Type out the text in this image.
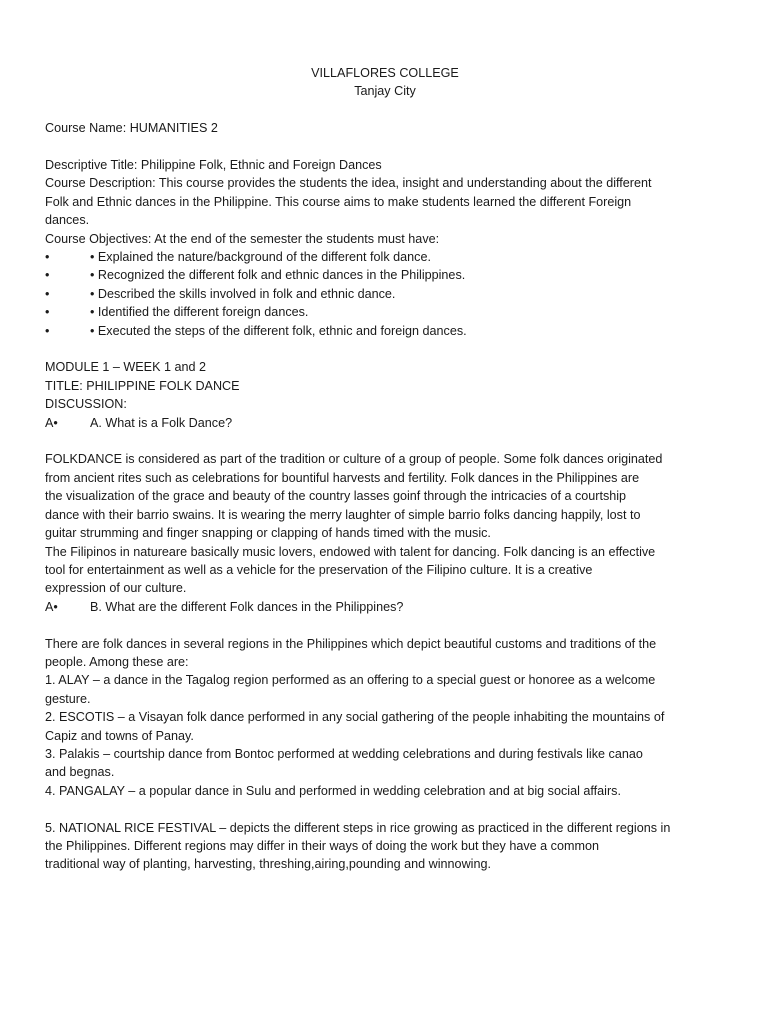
VILLAFLORES COLLEGE
Tanjay City
Course Name: HUMANITIES 2
Descriptive Title: Philippine Folk, Ethnic and Foreign Dances
Course Description: This course provides the students the idea, insight and understanding about the different
Folk and Ethnic dances in the Philippine. This course aims to make students learned the different Foreign
dances.
Course Objectives: At the end of the semester the students must have:
•	• Explained the nature/background of the different folk dance.
•	• Recognized the different folk and ethnic dances in the Philippines.
•	• Described the skills involved in folk and ethnic dance.
•	• Identified the different foreign dances.
•	• Executed the steps of the different folk, ethnic and foreign dances.
MODULE 1 – WEEK 1 and 2
TITLE: PHILIPPINE FOLK DANCE
DISCUSSION:
A•	A. What is a Folk Dance?
FOLKDANCE is considered as part of the tradition or culture of a group of people. Some folk dances originated
from ancient rites such as celebrations for bountiful harvests and fertility. Folk dances in the Philippines are
the visualization of the grace and beauty of the country lasses goinf through the intricacies of a courtship
dance with their barrio swains. It is wearing the merry laughter of simple barrio folks dancing happily, lost to
guitar strumming and finger snapping or clapping of hands timed with the music.
The Filipinos in natureare basically music lovers, endowed with talent for dancing. Folk dancing is an effective
tool for entertainment as well as a vehicle for the preservation of the Filipino culture. It is a creative
expression of our culture.
A•	B. What are the different Folk dances in the Philippines?
There are folk dances in several regions in the Philippines which depict beautiful customs and traditions of the
people. Among these are:
1. ALAY – a dance in the Tagalog region performed as an offering to a special guest or honoree as a welcome
gesture.
2. ESCOTIS – a Visayan folk dance performed in any social gathering of the people inhabiting the mountains of
Capiz and towns of Panay.
3. Palakis – courtship dance from Bontoc performed at wedding celebrations and during festivals like canao
and begnas.
4. PANGALAY – a popular dance in Sulu and performed in wedding celebration and at big social affairs.
5. NATIONAL RICE FESTIVAL – depicts the different steps in rice growing as practiced in the different regions in
the Philippines. Different regions may differ in their ways of doing the work but they have a common
traditional way of planting, harvesting, threshing,airing,pounding and winnowing.
